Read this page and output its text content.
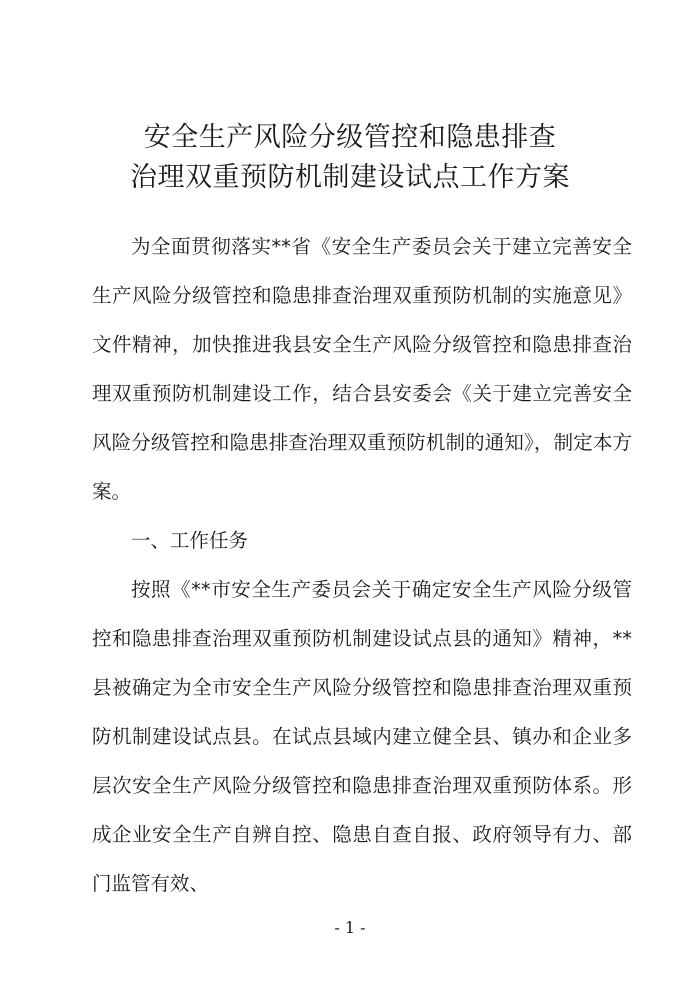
安全生产风险分级管控和隐患排查
治理双重预防机制建设试点工作方案

为全面贯彻落实**省《安全生产委员会关于建立完善安全生产风险分级管控和隐患排查治理双重预防机制的实施意见》文件精神，加快推进我县安全生产风险分级管控和隐患排查治理双重预防机制建设工作，结合县安委会《关于建立完善安全风险分级管控和隐患排查治理双重预防机制的通知》，制定本方案。

一、工作任务

按照《**市安全生产委员会关于确定安全生产风险分级管控和隐患排查治理双重预防机制建设试点县的通知》精神，**县被确定为全市安全生产风险分级管控和隐患排查治理双重预防机制建设试点县。在试点县域内建立健全县、镇办和企业多层次安全生产风险分级管控和隐患排查治理双重预防体系。形成企业安全生产自辨自控、隐患自查自报、政府领导有力、部门监管有效、

- 1 -
